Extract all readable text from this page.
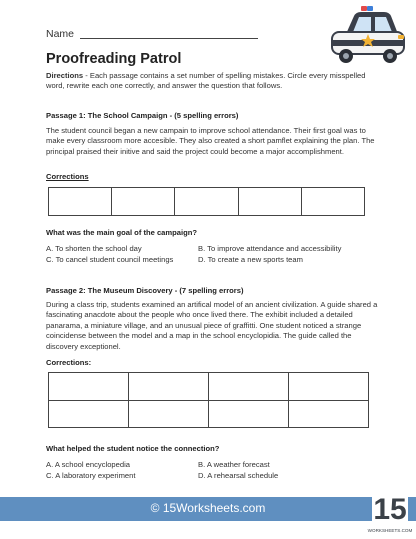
Name
Proofreading Patrol
Directions - Each passage contains a set number of spelling mistakes. Circle every misspelled word, rewrite each one correctly, and answer the question that follows.
Passage 1: The School Campaign - (5 spelling errors)
The student council began a new campain to improve school attendance. Their first goal was to make every classroom more accesible. They also created a short pamflet explaining the plan. The principal praised their initive and said the project could become a major accomplishment.
Corrections
What was the main goal of the campaign?
A. To shorten the school day	B. To improve attendance and accessibility
C. To cancel student council meetings	D. To create a new sports team
Passage 2: The Museum Discovery - (7 spelling errors)
During a class trip, students examined an artifical model of an ancient civilization. A guide shared a fascinating anacdote about the people who once lived there. The exhibit included a detailed panarama, a miniature village, and an unusual piece of graffitti. One student noticed a strange coincidense between the model and a map in the school encyclopidia. The guide called the discovery exceptionel.
Corrections:
What helped the student notice the connection?
A. A school encyclopedia	B. A weather forecast
C. A laboratory experiment	D. A rehearsal schedule
© 15Worksheets.com	15
WORKSHEETS.COM
